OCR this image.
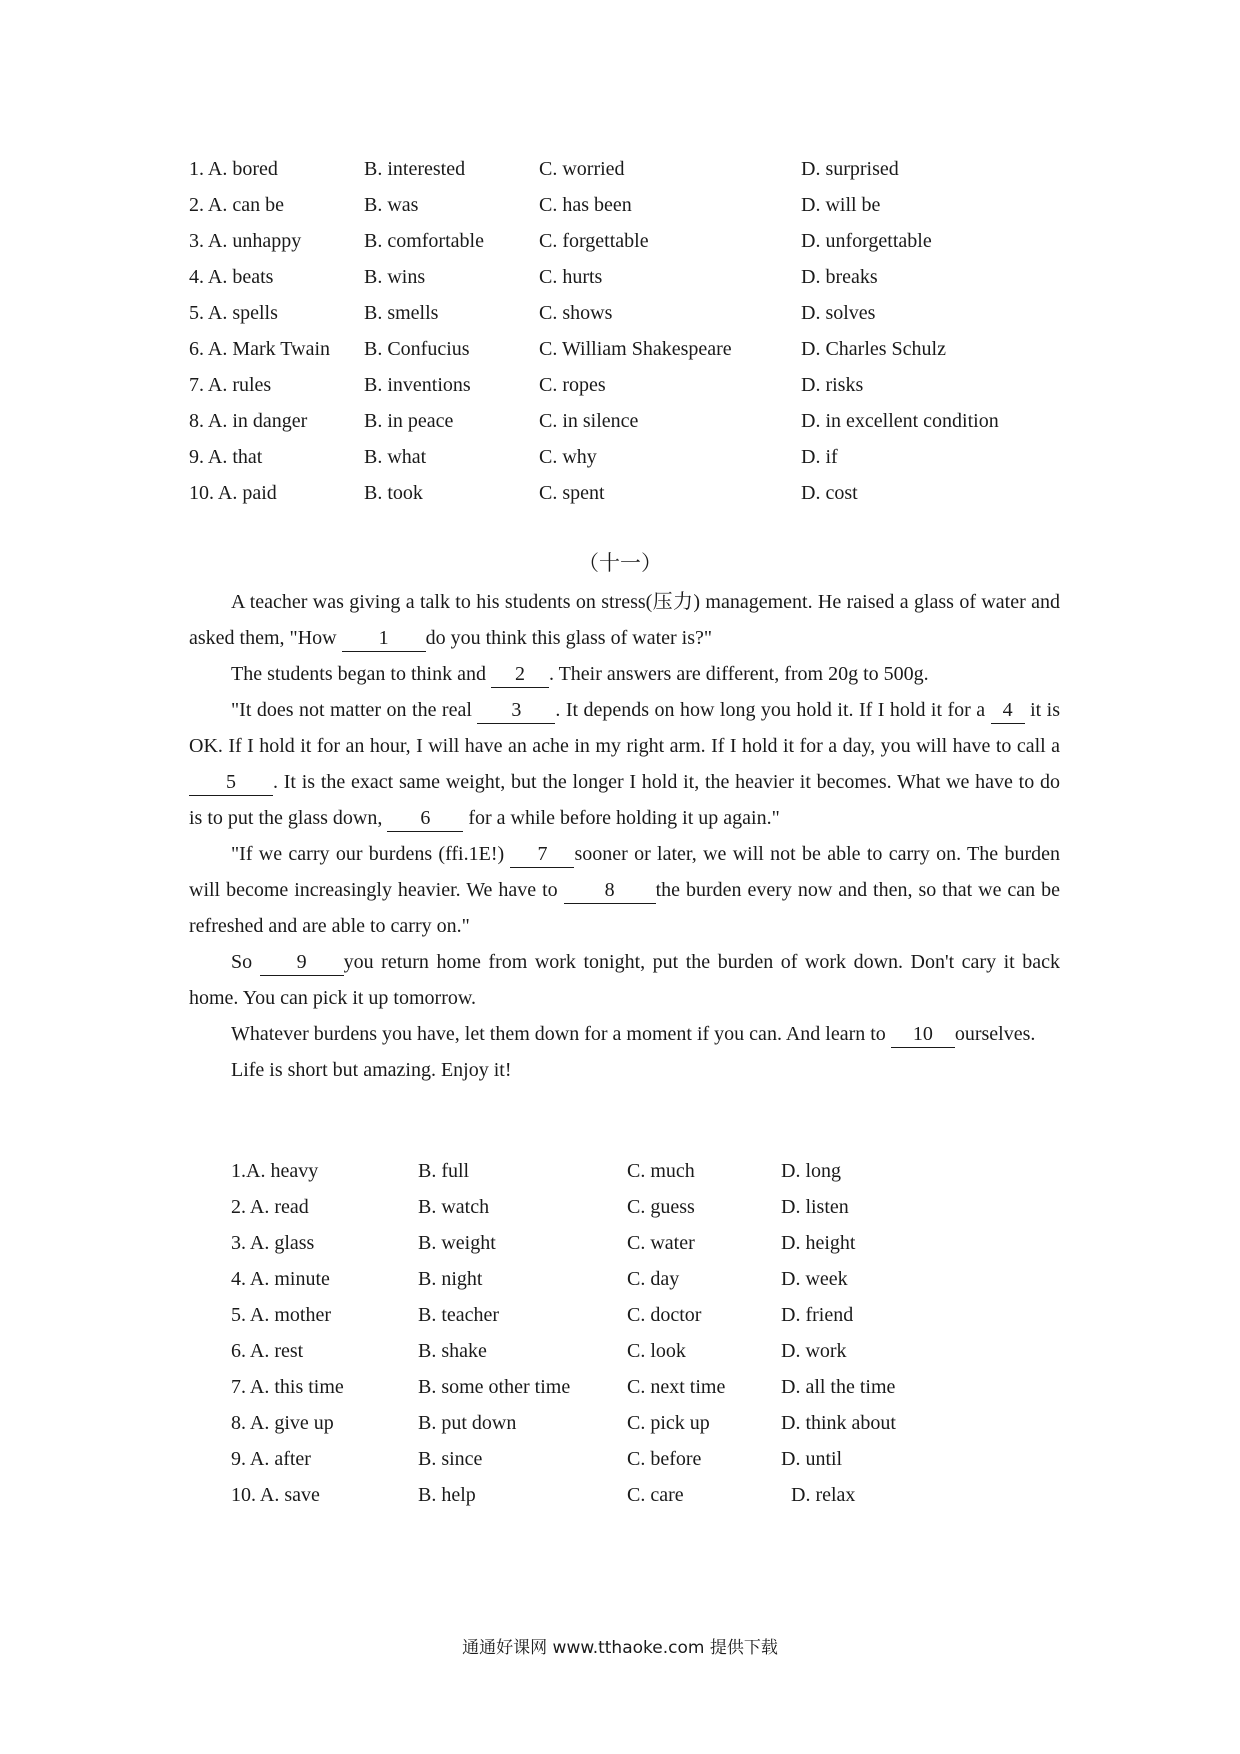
1. A. bored	B. interested	C. worried	D. surprised
2. A. can be	B. was	C. has been	D. will be
3. A. unhappy	B. comfortable	C. forgettable	D. unforgettable
4. A. beats	B. wins	C. hurts	D. breaks
5. A. spells	B. smells	C. shows	D. solves
6. A. Mark Twain B. Confucius	C. William Shakespeare	D. Charles Schulz
7. A. rules	B. inventions	C. ropes	D. risks
8. A. in danger	B. in peace	C. in silence	D. in excellent condition
9. A. that	B. what	C. why	D. if
10. A. paid	B. took	C. spent	D. cost
（十一）

A teacher was giving a talk to his students on stress(压力) management. He raised a glass of water and asked them, "How 1 do you think this glass of water is?"

The students began to think and 2 . Their answers are different, from 20g to 500g.

"It does not matter on the real 3 . It depends on how long you hold it. If I hold it for a 4 it is OK. If I hold it for an hour, I will have an ache in my right arm. If I hold it for a day, you will have to call a 5 . It is the exact same weight, but the longer I hold it, the heavier it becomes. What we have to do is to put the glass down, 6 for a while before holding it up again."

"If we carry our burdens (ffi.1E!) 7 sooner or later, we will not be able to carry on. The burden will become increasingly heavier. We have to 8 the burden every now and then, so that we can be refreshed and are able to carry on."

So 9 you return home from work tonight, put the burden of work down. Don't cary it back home. You can pick it up tomorrow.

Whatever burdens you have, let them down for a moment if you can. And learn to 10 ourselves.

Life is short but amazing. Enjoy it!

1.A. heavy	B. full	C. much	D. long
2. A. read	B. watch	C. guess	D. listen
3. A. glass	B. weight	C. water	D. height
4. A. minute	B. night	C. day	D. week
5. A. mother	B. teacher	C. doctor	D. friend
6. A. rest	B. shake	C. look	D. work
7. A. this time	B. some other time	C. next time	D. all the time
8. A. give up	B. put down	C. pick up	D. think about
9. A. after	B. since	C. before	D. until
10. A. save	B. help	C. care	D. relax
通通好课网 www.tthaoke.com 提供下载
